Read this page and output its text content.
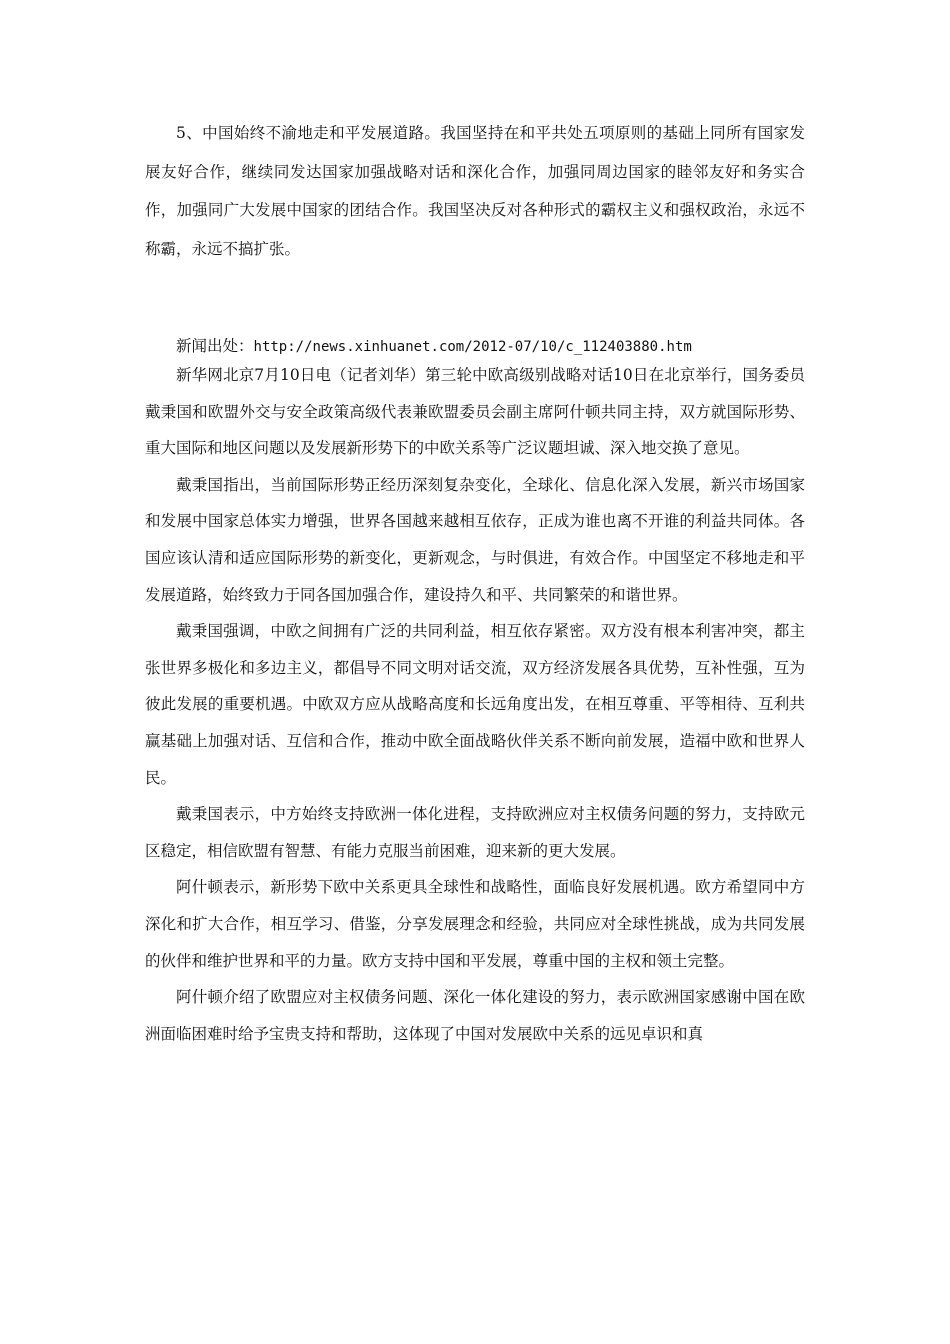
5、中国始终不渝地走和平发展道路。我国坚持在和平共处五项原则的基础上同所有国家发展友好合作，继续同发达国家加强战略对话和深化合作，加强同周边国家的睦邻友好和务实合作，加强同广大发展中国家的团结合作。我国坚决反对各种形式的霸权主义和强权政治，永远不称霸，永远不搞扩张。

新闻出处：http://news.xinhuanet.com/2012-07/10/c_112403880.htm

新华网北京7月10日电（记者刘华）第三轮中欧高级别战略对话10日在北京举行，国务委员戴秉国和欧盟外交与安全政策高级代表兼欧盟委员会副主席阿什顿共同主持，双方就国际形势、重大国际和地区问题以及发展新形势下的中欧关系等广泛议题坦诚、深入地交换了意见。

戴秉国指出，当前国际形势正经历深刻复杂变化，全球化、信息化深入发展，新兴市场国家和发展中国家总体实力增强，世界各国越来越相互依存，正成为谁也离不开谁的利益共同体。各国应该认清和适应国际形势的新变化，更新观念，与时俱进，有效合作。中国坚定不移地走和平发展道路，始终致力于同各国加强合作，建设持久和平、共同繁荣的和谐世界。

戴秉国强调，中欧之间拥有广泛的共同利益，相互依存紧密。双方没有根本利害冲突，都主张世界多极化和多边主义，都倡导不同文明对话交流，双方经济发展各具优势，互补性强，互为彼此发展的重要机遇。中欧双方应从战略高度和长远角度出发，在相互尊重、平等相待、互利共赢基础上加强对话、互信和合作，推动中欧全面战略伙伴关系不断向前发展，造福中欧和世界人民。

戴秉国表示，中方始终支持欧洲一体化进程，支持欧洲应对主权债务问题的努力，支持欧元区稳定，相信欧盟有智慧、有能力克服当前困难，迎来新的更大发展。

阿什顿表示，新形势下欧中关系更具全球性和战略性，面临良好发展机遇。欧方希望同中方深化和扩大合作，相互学习、借鉴，分享发展理念和经验，共同应对全球性挑战，成为共同发展的伙伴和维护世界和平的力量。欧方支持中国和平发展，尊重中国的主权和领土完整。

阿什顿介绍了欧盟应对主权债务问题、深化一体化建设的努力，表示欧洲国家感谢中国在欧洲面临困难时给予宝贵支持和帮助，这体现了中国对发展欧中关系的远见卓识和真
